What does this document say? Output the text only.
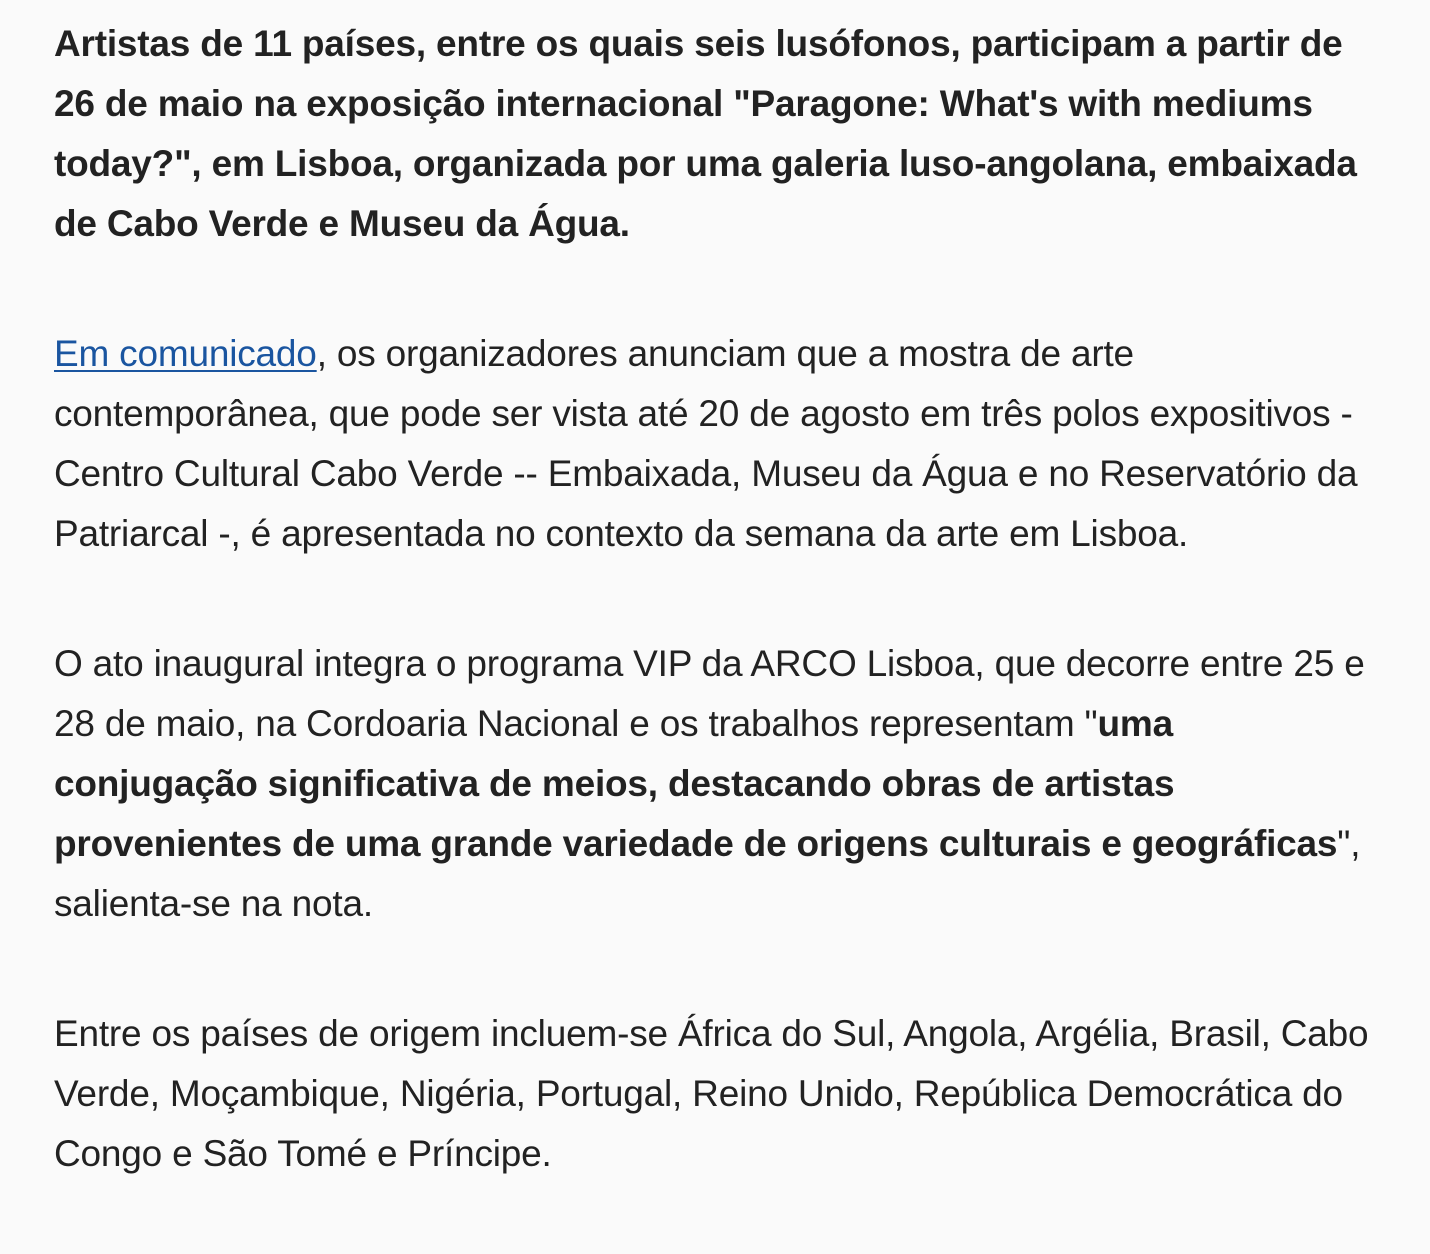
Artistas de 11 países, entre os quais seis lusófonos, participam a partir de 26 de maio na exposição internacional "Paragone: What's with mediums today?", em Lisboa, organizada por uma galeria luso-angolana, embaixada de Cabo Verde e Museu da Água.

Em comunicado, os organizadores anunciam que a mostra de arte contemporânea, que pode ser vista até 20 de agosto em três polos expositivos - Centro Cultural Cabo Verde -- Embaixada, Museu da Água e no Reservatório da Patriarcal -, é apresentada no contexto da semana da arte em Lisboa.

O ato inaugural integra o programa VIP da ARCO Lisboa, que decorre entre 25 e 28 de maio, na Cordoaria Nacional e os trabalhos representam "uma conjugação significativa de meios, destacando obras de artistas provenientes de uma grande variedade de origens culturais e geográficas", salienta-se na nota.

Entre os países de origem incluem-se África do Sul, Angola, Argélia, Brasil, Cabo Verde, Moçambique, Nigéria, Portugal, Reino Unido, República Democrática do Congo e São Tomé e Príncipe.
